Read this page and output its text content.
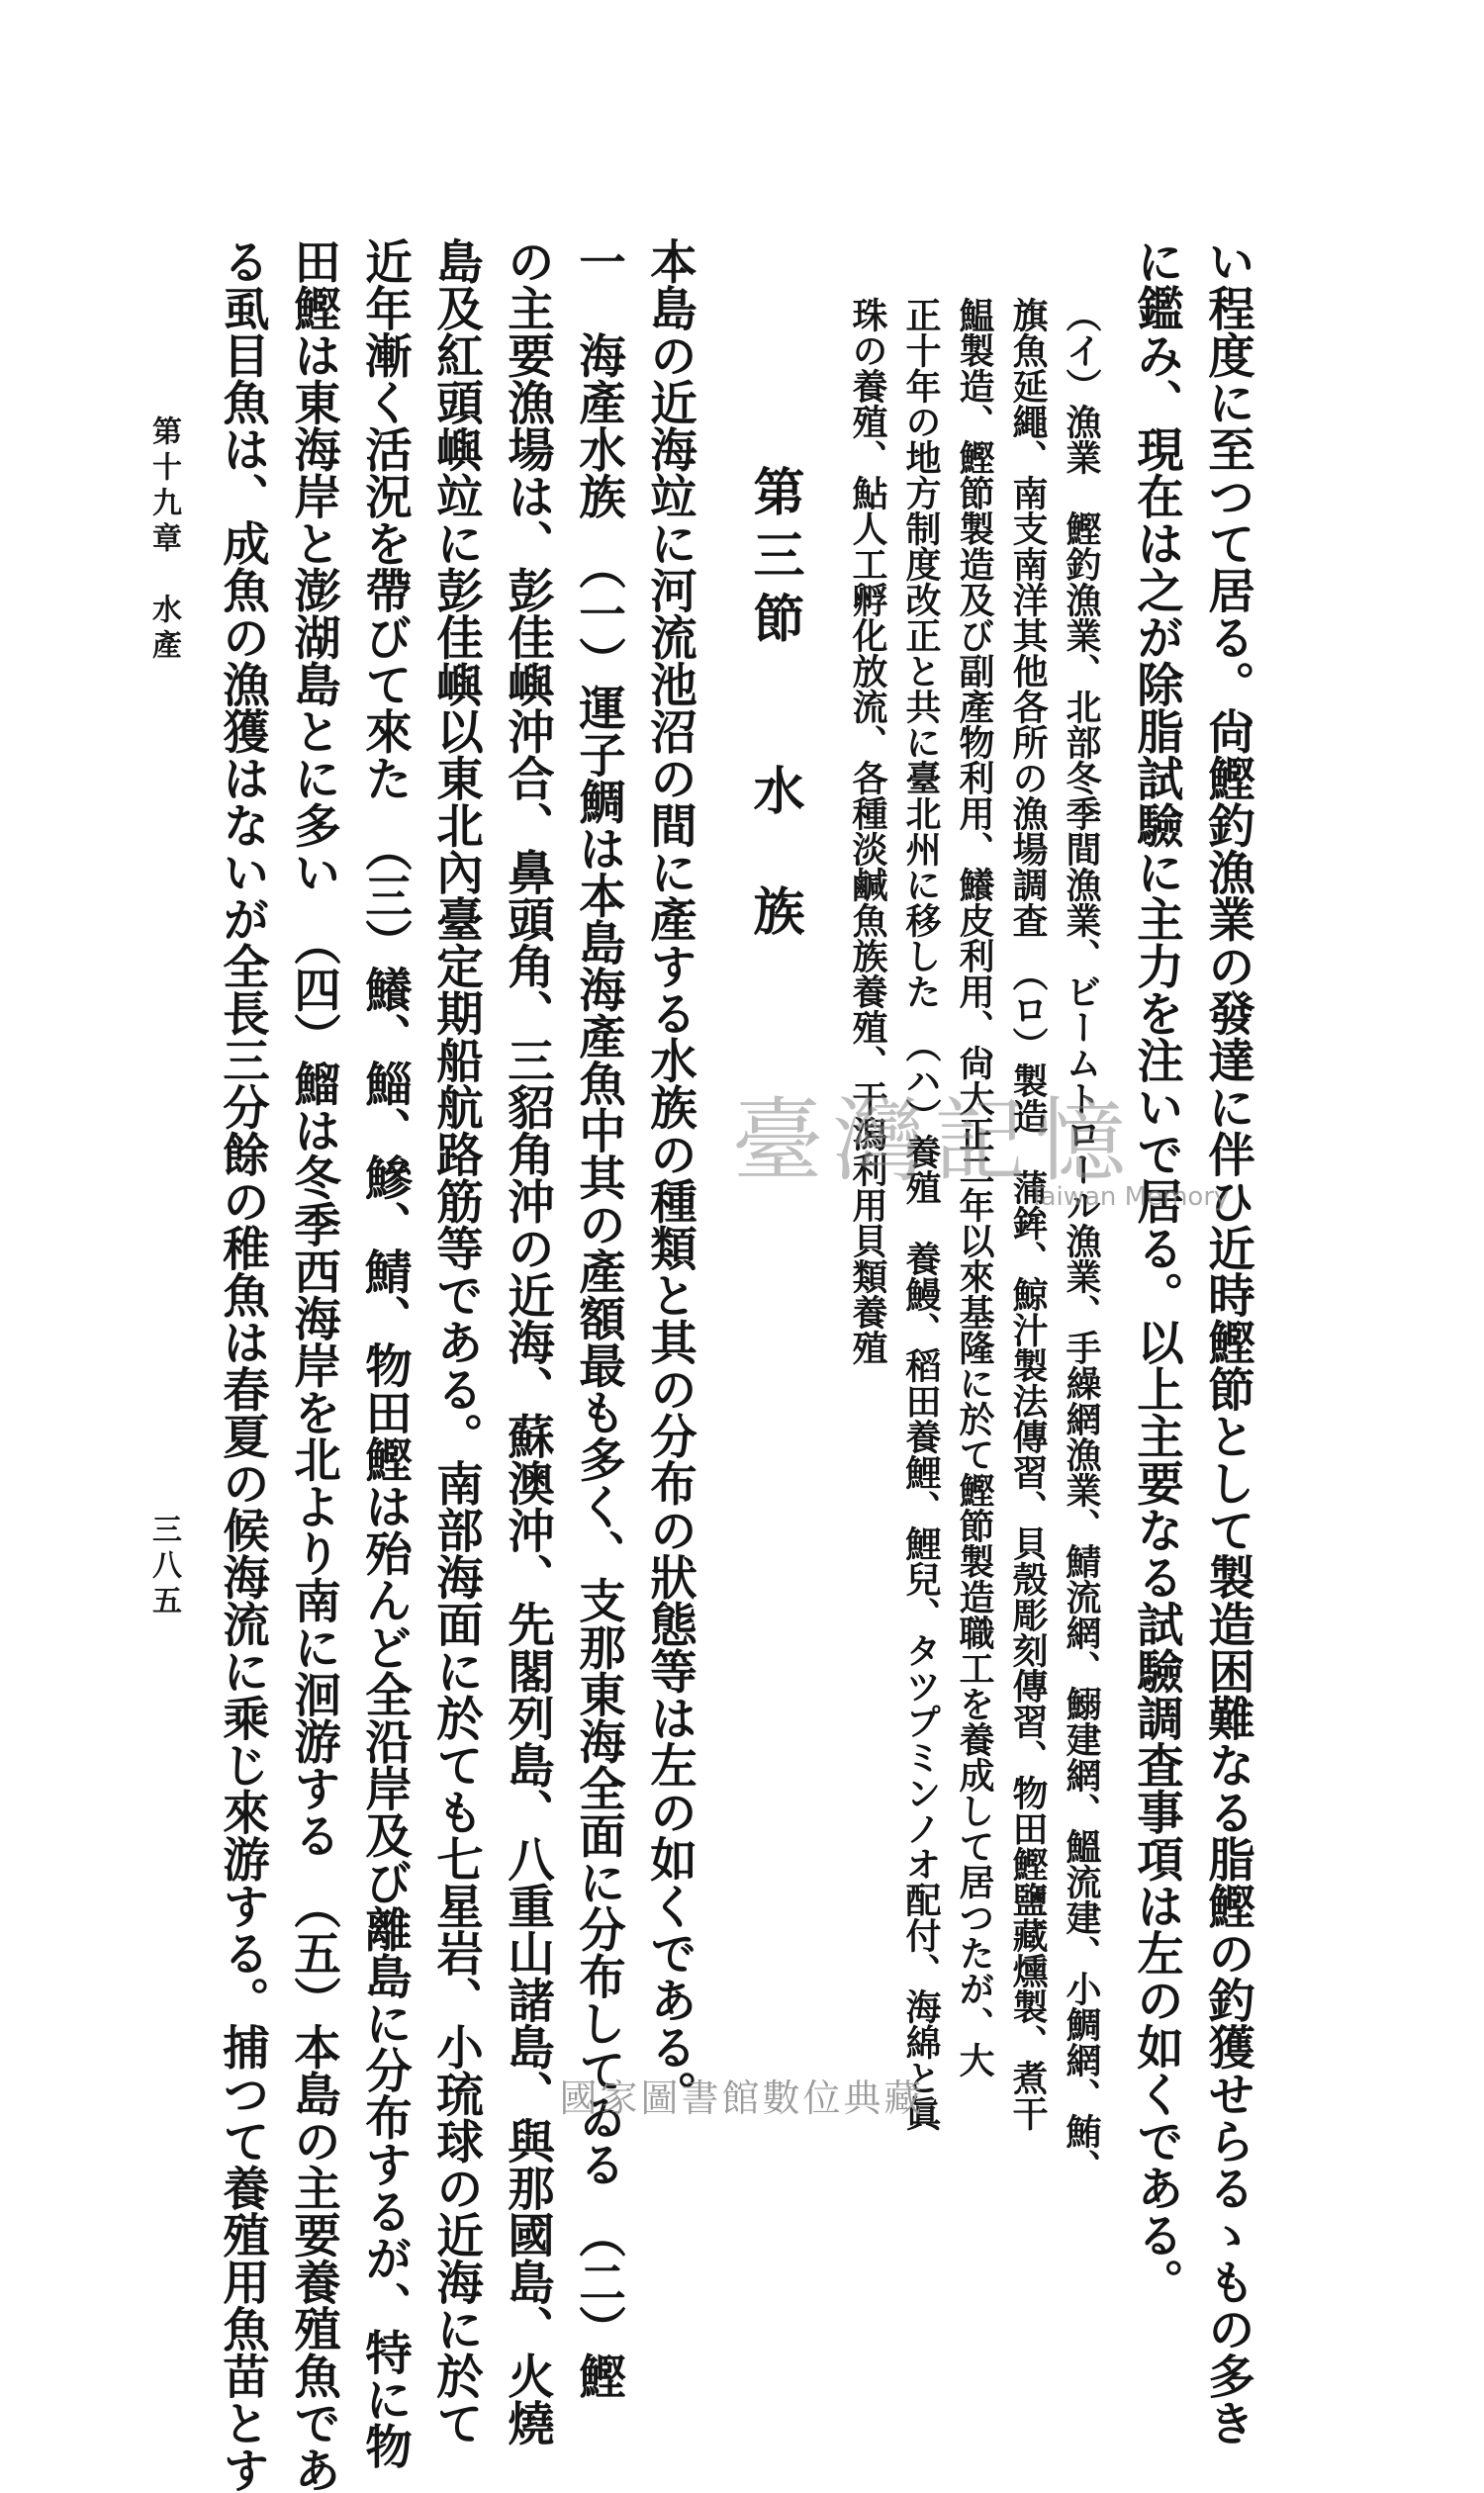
い程度に至つて居る。尙鰹釣漁業の發達に伴ひ近時鰹節として製造困難なる脂鰹の釣獲せらるゝもの多き
に鑑み、現在は之が除脂試驗に主力を注いで居る。以上主要なる試驗調査事項は左の如くである。
（イ）漁業　鰹釣漁業、北部冬季間漁業、ビームトロール漁業、手繰網漁業、鯖流網、鰯建網、鰮流建、小鯛網、鮪、
旗魚延繩、南支南洋其他各所の漁場調査　（ロ）製造　蒲鉾、鯨汁製法傳習、貝殼彫刻傳習、物田鰹鹽藏燻製、煮干
鰛製造、鰹節製造及び副產物利用、鱶皮利用、尙大正二年以來基隆に於て鰹節製造職工を養成して居つたが、大
正十年の地方制度改正と共に臺北州に移した　（ハ）養殖　養鰻、稻田養鯉、鯉兒、タツプミンノオ配付、海綿と眞
珠の養殖、鮎人工孵化放流、各種淡鹹魚族養殖、干潟利用貝類養殖
第三節水族
本島の近海竝に河流池沼の間に產する水族の種類と其の分布の狀態等は左の如くである。
一　海產水族　（一）運子鯛は本島海產魚中其の產額最も多く、支那東海全面に分布してゐる　（二）鰹
の主要漁場は、彭佳嶼沖合、鼻頭角、三貂角沖の近海、蘇澳沖、先閣列島、八重山諸島、與那國島、火燒
島及紅頭嶼竝に彭佳嶼以東北內臺定期船航路筋等である。南部海面に於ても七星岩、小琉球の近海に於て
近年漸く活況を帶びて來た　（三）鱶、鯔、鰺、鯖、物田鰹は殆んど全沿岸及び離島に分布するが、特に物
田鰹は東海岸と澎湖島とに多い　（四）鰡は冬季西海岸を北より南に洄游する　（五）本島の主要養殖魚であ
る虱目魚は、成魚の漁獲はないが全長三分餘の稚魚は春夏の候海流に乘じ來游する。捕つて養殖用魚苗とす
第十九章　水產
三八五
臺灣記憶
Taiwan Memory
國家圖書館數位典藏
